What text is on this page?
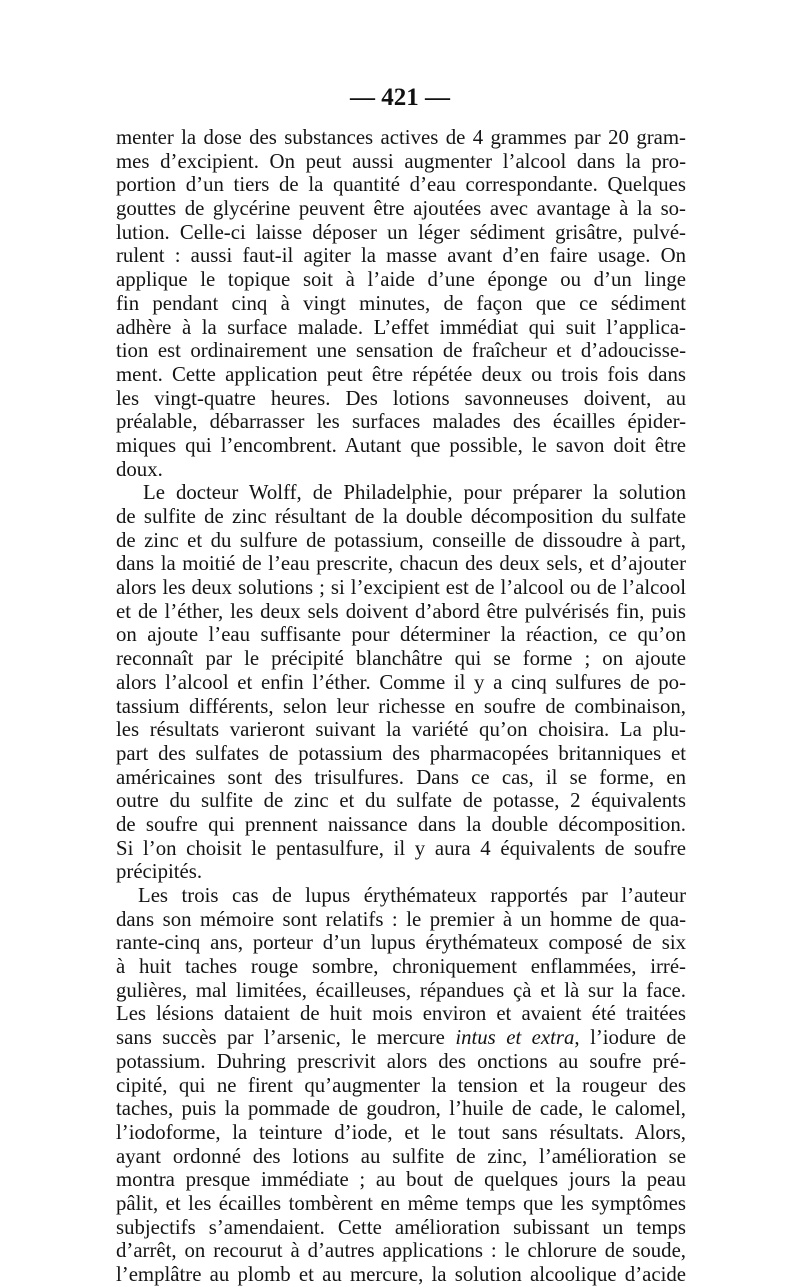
— 421 —
menter la dose des substances actives de 4 grammes par 20 gram-
mes d’excipient. On peut aussi augmenter l’alcool dans la pro-
portion d’un tiers de la quantité d’eau correspondante. Quelques
gouttes de glycérine peuvent être ajoutées avec avantage à la so-
lution. Celle-ci laisse déposer un léger sédiment grisâtre, pulvé-
rulent : aussi faut-il agiter la masse avant d’en faire usage. On
applique le topique soit à l’aide d’une éponge ou d’un linge
fin pendant cinq à vingt minutes, de façon que ce sédiment
adhère à la surface malade. L’effet immédiat qui suit l’applica-
tion est ordinairement une sensation de fraîcheur et d’adoucisse-
ment. Cette application peut être répétée deux ou trois fois dans
les vingt-quatre heures. Des lotions savonneuses doivent, au
préalable, débarrasser les surfaces malades des écailles épider-
miques qui l’encombrent. Autant que possible, le savon doit être
doux.
Le docteur Wolff, de Philadelphie, pour préparer la solution
de sulfite de zinc résultant de la double décomposition du sulfate
de zinc et du sulfure de potassium, conseille de dissoudre à part,
dans la moitié de l’eau prescrite, chacun des deux sels, et d’ajouter
alors les deux solutions ; si l’excipient est de l’alcool ou de l’alcool
et de l’éther, les deux sels doivent d’abord être pulvérisés fin, puis
on ajoute l’eau suffisante pour déterminer la réaction, ce qu’on
reconnaît par le précipité blanchâtre qui se forme ; on ajoute
alors l’alcool et enfin l’éther. Comme il y a cinq sulfures de po-
tassium différents, selon leur richesse en soufre de combinaison,
les résultats varieront suivant la variété qu’on choisira. La plu-
part des sulfates de potassium des pharmacopées britanniques et
américaines sont des trisulfures. Dans ce cas, il se forme, en
outre du sulfite de zinc et du sulfate de potasse, 2 équivalents
de soufre qui prennent naissance dans la double décomposition.
Si l’on choisit le pentasulfure, il y aura 4 équivalents de soufre
précipités.
Les trois cas de lupus érythémateux rapportés par l’auteur
dans son mémoire sont relatifs : le premier à un homme de qua-
rante-cinq ans, porteur d’un lupus érythémateux composé de six
à huit taches rouge sombre, chroniquement enflammées, irré-
gulières, mal limitées, écailleuses, répandues çà et là sur la face.
Les lésions dataient de huit mois environ et avaient été traitées
sans succès par l’arsenic, le mercure intus et extra, l’iodure de
potassium. Duhring prescrivit alors des onctions au soufre pré-
cipité, qui ne firent qu’augmenter la tension et la rougeur des
taches, puis la pommade de goudron, l’huile de cade, le calomel,
l’iodoforme, la teinture d’iode, et le tout sans résultats. Alors,
ayant ordonné des lotions au sulfite de zinc, l’amélioration se
montra presque immédiate ; au bout de quelques jours la peau
pâlit, et les écailles tombèrent en même temps que les symptômes
subjectifs s’amendaient. Cette amélioration subissant un temps
d’arrêt, on recourut à d’autres applications : le chlorure de soude,
l’emplâtre au plomb et au mercure, la solution alcoolique d’acide
